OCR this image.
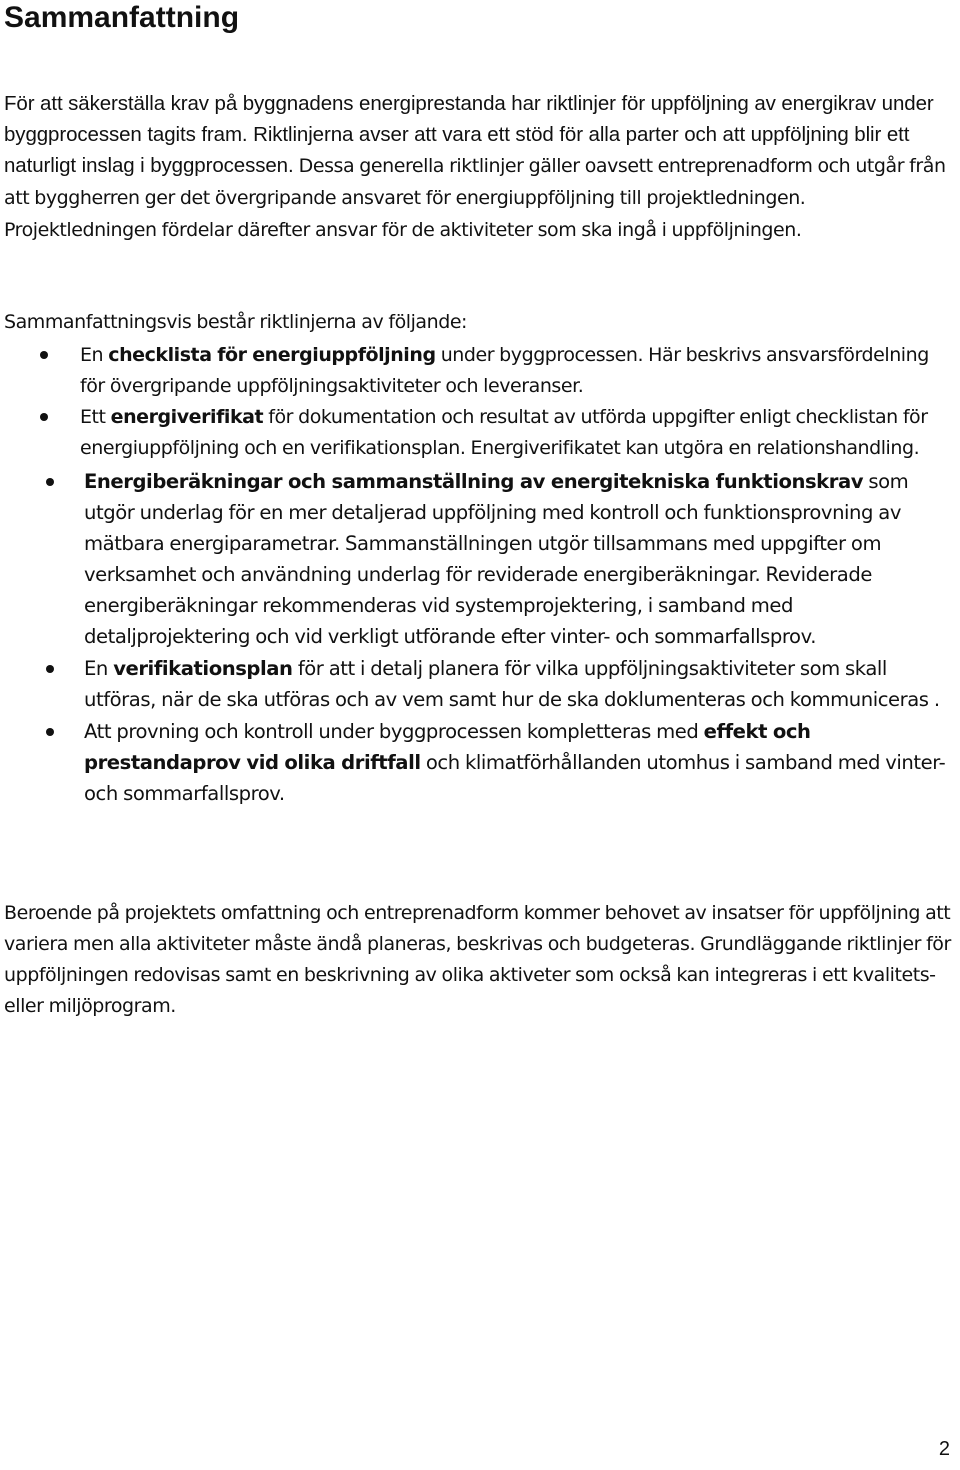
Sammanfattning

För att säkerställa krav på byggnadens energiprestanda har riktlinjer för uppföljning av energikrav under byggprocessen tagits fram. Riktlinjerna avser att vara ett stöd för alla parter och att uppföljning blir ett naturligt inslag i byggprocessen. Dessa generella riktlinjer gäller oavsett entreprenadform och utgår från att byggherren ger det övergripande ansvaret för energiuppföljning till projektledningen. Projektledningen fördelar därefter ansvar för de aktiviteter som ska ingå i uppföljningen.

Sammanfattningsvis består riktlinjerna av följande:

En checklista för energiuppföljning under byggprocessen. Här beskrivs ansvarsfördelning för övergripande uppföljningsaktiviteter och leveranser.
Ett energiverifikat för dokumentation och resultat av utförda uppgifter enligt checklistan för energiuppföljning och en verifikationsplan. Energiverifikatet kan utgöra en relationshandling.
Energiberäkningar och sammanställning av energitekniska funktionskrav som utgör underlag för en mer detaljerad uppföljning med kontroll och funktionsprovning av mätbara energiparametrar. Sammanställningen utgör tillsammans med uppgifter om verksamhet och användning underlag för reviderade energiberäkningar. Reviderade energiberäkningar rekommenderas vid systemprojektering, i samband med detaljprojektering och vid verkligt utförande efter vinter- och sommarfallsprov.
En verifikationsplan för att i detalj planera för vilka uppföljningsaktiviteter som skall utföras, när de ska utföras och av vem samt hur de ska doklumenteras och kommuniceras .
Att provning och kontroll under byggprocessen kompletteras med effekt och prestandaprov vid olika driftfall och klimatförhållanden utomhus i samband med vinter- och sommarfallsprov.

Beroende på projektets omfattning och entreprenadform kommer behovet av insatser för uppföljning att variera men alla aktiviteter måste ändå planeras, beskrivas och budgeteras. Grundläggande riktlinjer för uppföljningen redovisas samt en beskrivning av olika aktiveter som också kan integreras i ett kvalitets- eller miljöprogram.

2
